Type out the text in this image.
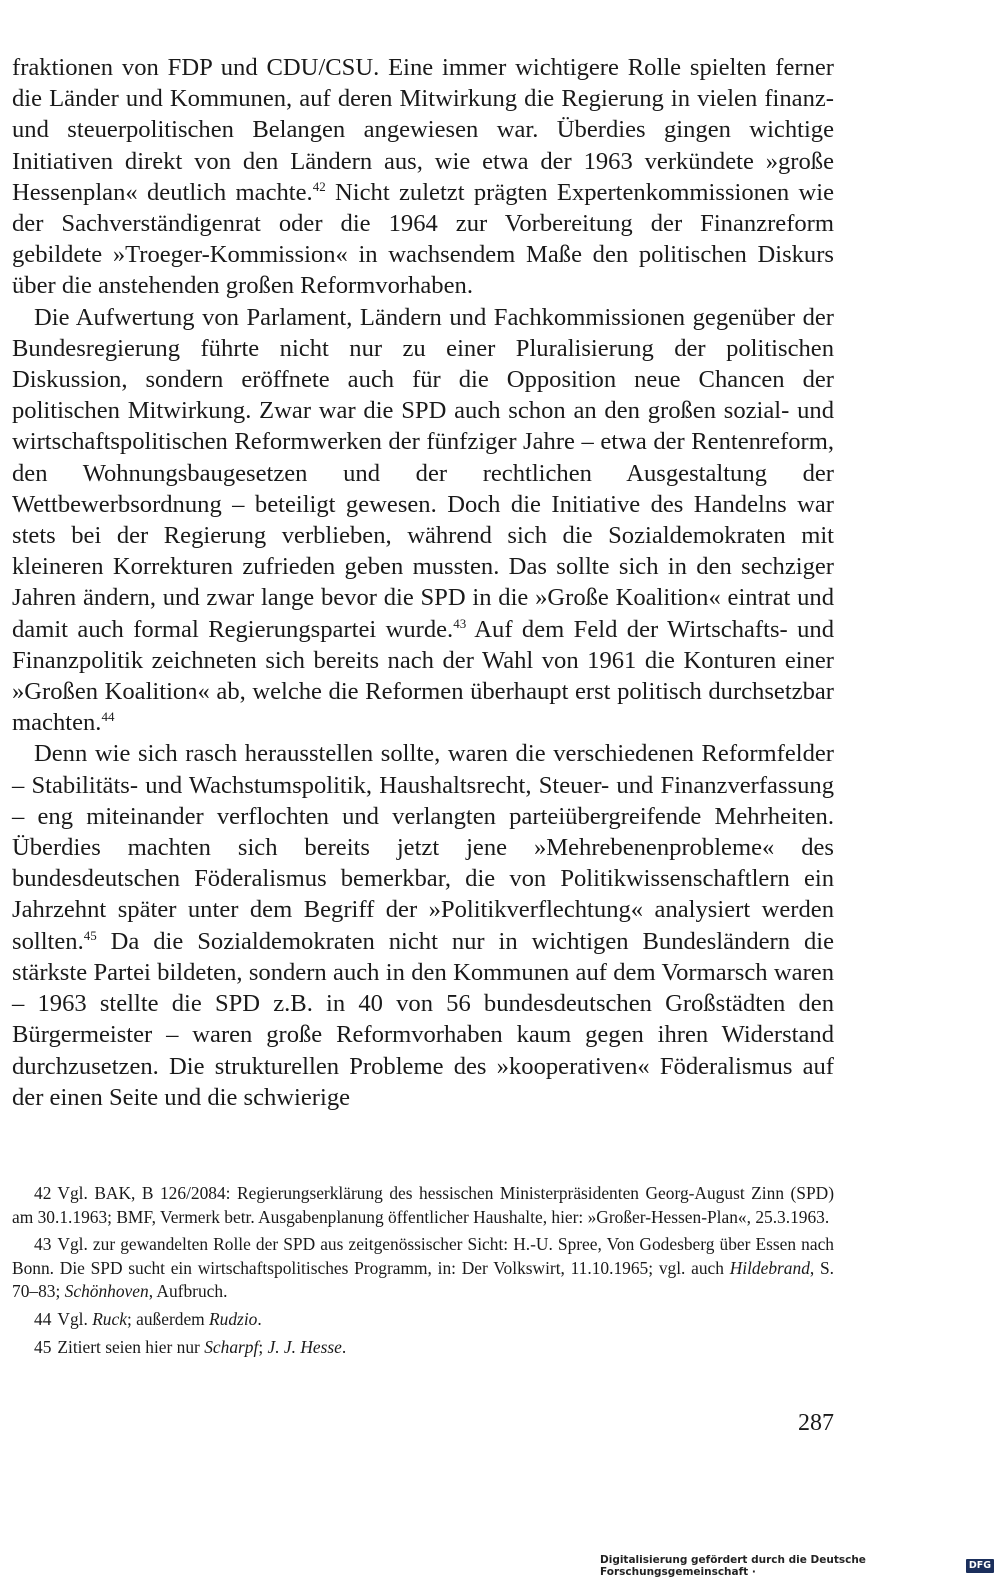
fraktionen von FDP und CDU/CSU. Eine immer wichtigere Rolle spielten ferner die Länder und Kommunen, auf deren Mitwirkung die Regierung in vielen finanz- und steuerpolitischen Belangen angewiesen war. Überdies gingen wichtige Initiativen direkt von den Ländern aus, wie etwa der 1963 verkündete »große Hessenplan« deutlich machte.$^{42}$ Nicht zuletzt prägten Expertenkommissionen wie der Sachverständigenrat oder die 1964 zur Vorbereitung der Finanzreform gebildete »Troeger-Kommission« in wachsendem Maße den politischen Diskurs über die anstehenden großen Reformvorhaben.

Die Aufwertung von Parlament, Ländern und Fachkommissionen gegenüber der Bundesregierung führte nicht nur zu einer Pluralisierung der politischen Diskussion, sondern eröffnete auch für die Opposition neue Chancen der politischen Mitwirkung. Zwar war die SPD auch schon an den großen sozial- und wirtschaftspolitischen Reformwerken der fünfziger Jahre – etwa der Rentenreform, den Wohnungsbaugesetzen und der rechtlichen Ausgestaltung der Wettbewerbsordnung – beteiligt gewesen. Doch die Initiative des Handelns war stets bei der Regierung verblieben, während sich die Sozialdemokraten mit kleineren Korrekturen zufrieden geben mussten. Das sollte sich in den sechziger Jahren ändern, und zwar lange bevor die SPD in die »Große Koalition« eintrat und damit auch formal Regierungspartei wurde.$^{43}$ Auf dem Feld der Wirtschafts- und Finanzpolitik zeichneten sich bereits nach der Wahl von 1961 die Konturen einer »Großen Koalition« ab, welche die Reformen überhaupt erst politisch durchsetzbar machten.$^{44}$

Denn wie sich rasch herausstellen sollte, waren die verschiedenen Reformfelder – Stabilitäts- und Wachstumspolitik, Haushaltsrecht, Steuer- und Finanzverfassung – eng miteinander verflochten und verlangten parteiübergreifende Mehrheiten. Überdies machten sich bereits jetzt jene »Mehrebenenprobleme« des bundesdeutschen Föderalismus bemerkbar, die von Politikwissenschaftlern ein Jahrzehnt später unter dem Begriff der »Politikverflechtung« analysiert werden sollten.$^{45}$ Da die Sozialdemokraten nicht nur in wichtigen Bundesländern die stärkste Partei bildeten, sondern auch in den Kommunen auf dem Vormarsch waren – 1963 stellte die SPD z.B. in 40 von 56 bundesdeutschen Großstädten den Bürgermeister – waren große Reformvorhaben kaum gegen ihren Widerstand durchzusetzen. Die strukturellen Probleme des »kooperativen« Föderalismus auf der einen Seite und die schwierige

42 Vgl. BAK, B 126/2084: Regierungserklärung des hessischen Ministerpräsidenten Georg-August Zinn (SPD) am 30.1.1963; BMF, Vermerk betr. Ausgabenplanung öffentlicher Haushalte, hier: »Großer-Hessen-Plan«, 25.3.1963.

43 Vgl. zur gewandelten Rolle der SPD aus zeitgenössischer Sicht: H.-U. Spree, Von Godesberg über Essen nach Bonn. Die SPD sucht ein wirtschaftspolitisches Programm, in: Der Volkswirt, 11.10.1965; vgl. auch Hildebrand, S. 70–83; Schönhoven, Aufbruch.

44 Vgl. Ruck; außerdem Rudzio.

45 Zitiert seien hier nur Scharpf; J. J. Hesse.

287
Digitalisierung gefördert durch die Deutsche Forschungsgemeinschaft ·
DFG
